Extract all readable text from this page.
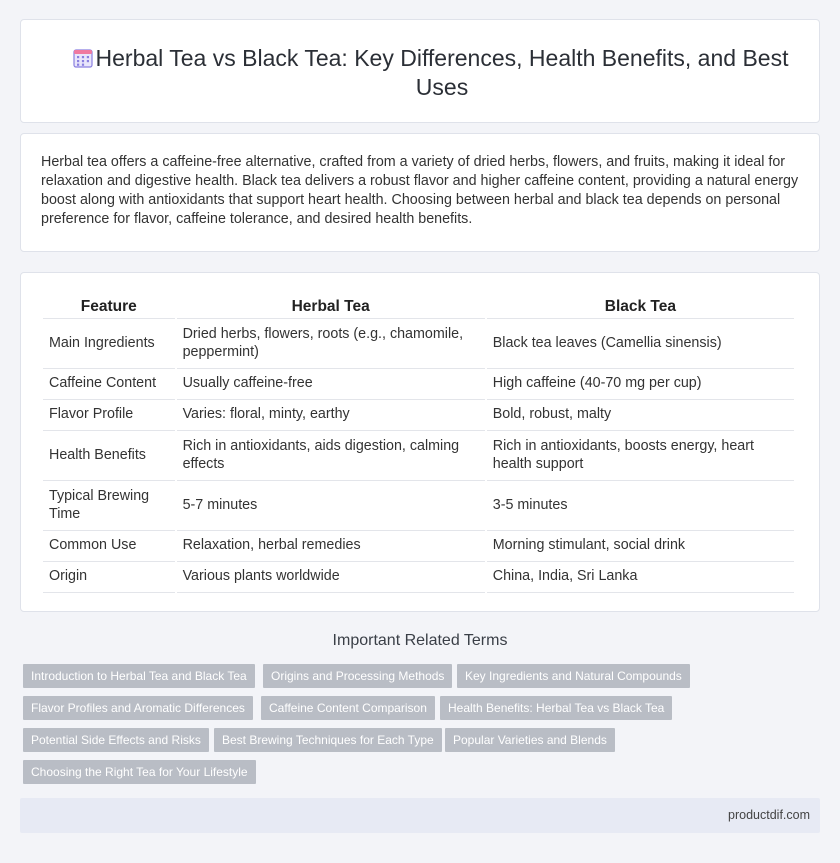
Herbal Tea vs Black Tea: Key Differences, Health Benefits, and Best Uses

Herbal tea offers a caffeine-free alternative, crafted from a variety of dried herbs, flowers, and fruits, making it ideal for relaxation and digestive health. Black tea delivers a robust flavor and higher caffeine content, providing a natural energy boost along with antioxidants that support heart health. Choosing between herbal and black tea depends on personal preference for flavor, caffeine tolerance, and desired health benefits.

Feature	Herbal Tea	Black Tea
Main Ingredients	Dried herbs, flowers, roots (e.g., chamomile, peppermint)	Black tea leaves (Camellia sinensis)
Caffeine Content	Usually caffeine-free	High caffeine (40-70 mg per cup)
Flavor Profile	Varies: floral, minty, earthy	Bold, robust, malty
Health Benefits	Rich in antioxidants, aids digestion, calming effects	Rich in antioxidants, boosts energy, heart health support
Typical Brewing Time	5-7 minutes	3-5 minutes
Common Use	Relaxation, herbal remedies	Morning stimulant, social drink
Origin	Various plants worldwide	China, India, Sri Lanka
Important Related Terms
Introduction to Herbal Tea and Black Tea	Origins and Processing Methods	Key Ingredients and Natural Compounds
Flavor Profiles and Aromatic Differences	Caffeine Content Comparison	Health Benefits: Herbal Tea vs Black Tea
Potential Side Effects and Risks	Best Brewing Techniques for Each Type	Popular Varieties and Blends
Choosing the Right Tea for Your Lifestyle
productdif.com
